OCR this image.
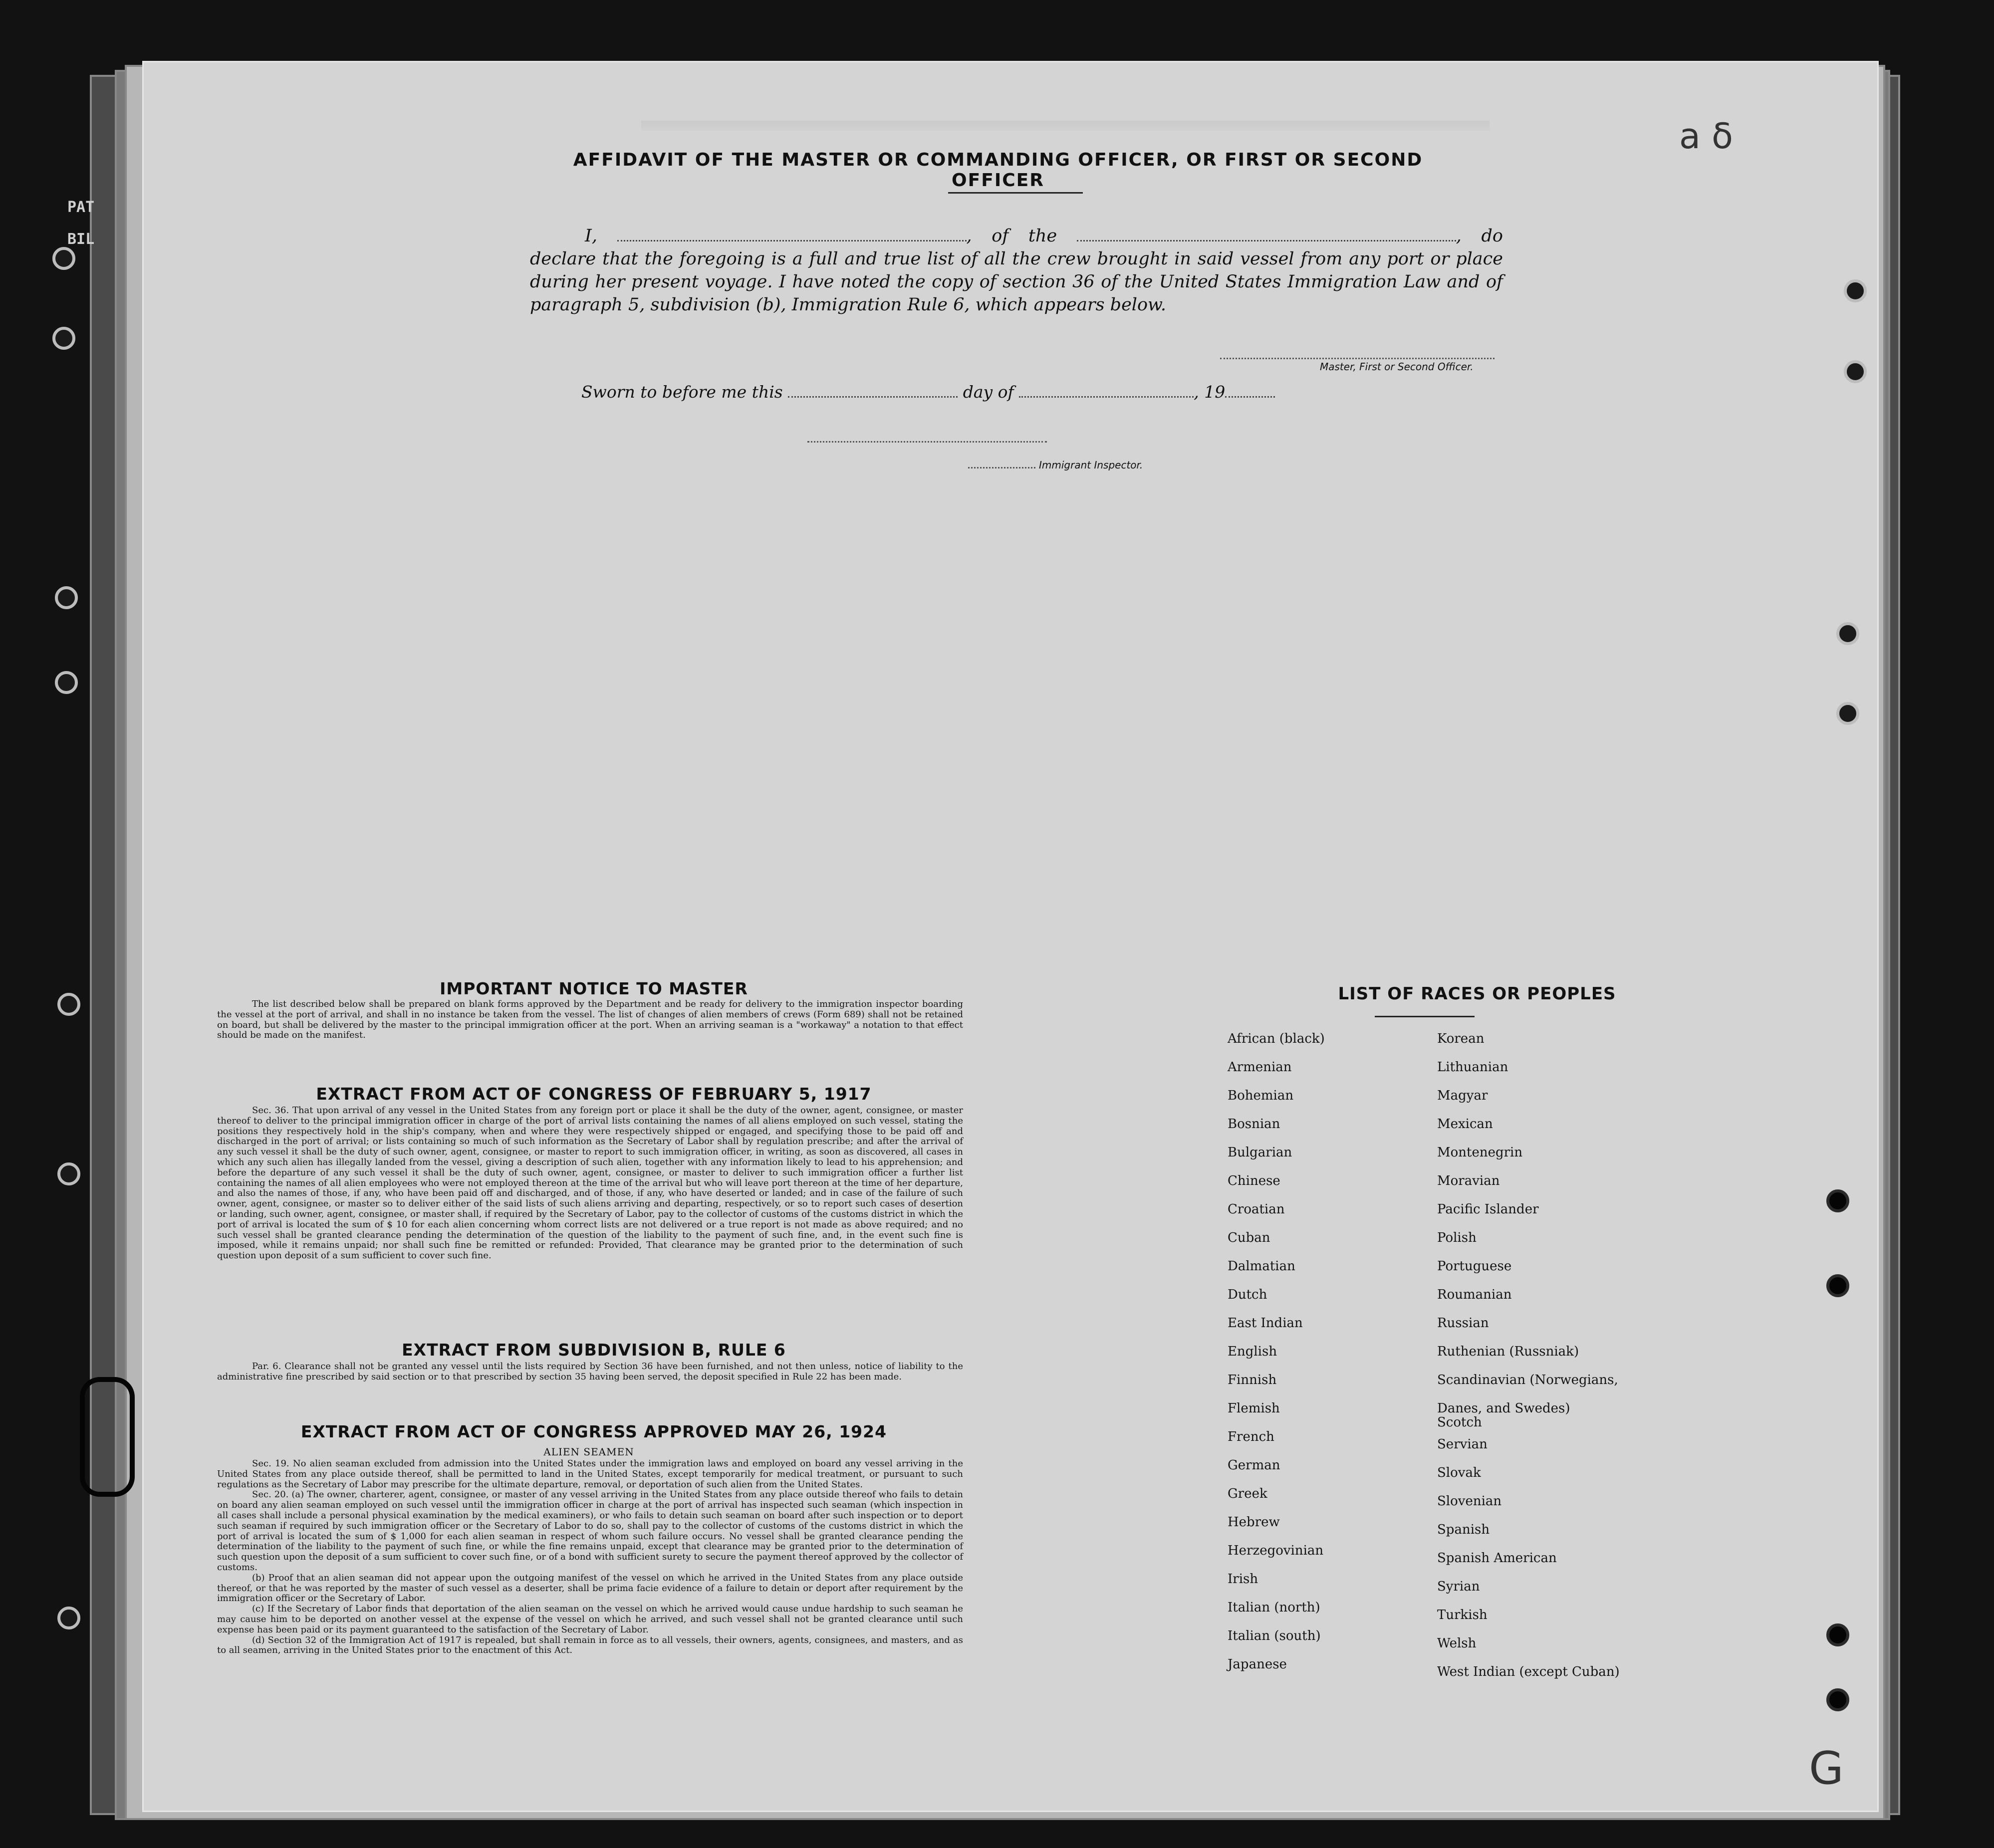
PAT
BIL
a δ
G
AFFIDAVIT OF THE MASTER OR COMMANDING OFFICER, OR FIRST OR SECOND OFFICER
I,	, of the	, do declare that the foregoing is a full and true list of all the crew brought in said vessel from any port or place during her present voyage. I have noted the copy of section 36 of the United States Immigration Law and of paragraph 5, subdivision (b), Immigration Rule 6, which appears below.
Master, First or Second Officer.
Sworn to before me this	day of	, 19
Immigrant Inspector.
IMPORTANT NOTICE TO MASTER

The list described below shall be prepared on blank forms approved by the Department and be ready for delivery to the immigration inspector boarding the vessel at the port of arrival, and shall in no instance be taken from the vessel. The list of changes of alien members of crews (Form 689) shall not be retained on board, but shall be delivered by the master to the principal immigration officer at the port. When an arriving seaman is a "workaway" a notation to that effect should be made on the manifest.

EXTRACT FROM ACT OF CONGRESS OF FEBRUARY 5, 1917

Sec. 36. That upon arrival of any vessel in the United States from any foreign port or place it shall be the duty of the owner, agent, consignee, or master thereof to deliver to the principal immigration officer in charge of the port of arrival lists containing the names of all aliens employed on such vessel, stating the positions they respectively hold in the ship's company, when and where they were respectively shipped or engaged, and specifying those to be paid off and discharged in the port of arrival; or lists containing so much of such information as the Secretary of Labor shall by regulation prescribe; and after the arrival of any such vessel it shall be the duty of such owner, agent, consignee, or master to report to such immigration officer, in writing, as soon as discovered, all cases in which any such alien has illegally landed from the vessel, giving a description of such alien, together with any information likely to lead to his apprehension; and before the departure of any such vessel it shall be the duty of such owner, agent, consignee, or master to deliver to such immigration officer a further list containing the names of all alien employees who were not employed thereon at the time of the arrival but who will leave port thereon at the time of her departure, and also the names of those, if any, who have been paid off and discharged, and of those, if any, who have deserted or landed; and in case of the failure of such owner, agent, consignee, or master so to deliver either of the said lists of such aliens arriving and departing, respectively, or so to report such cases of desertion or landing, such owner, agent, consignee, or master shall, if required by the Secretary of Labor, pay to the collector of customs of the customs district in which the port of arrival is located the sum of $ 10 for each alien concerning whom correct lists are not delivered or a true report is not made as above required; and no such vessel shall be granted clearance pending the determination of the question of the liability to the payment of such fine, and, in the event such fine is imposed, while it remains unpaid; nor shall such fine be remitted or refunded: Provided, That clearance may be granted prior to the determination of such question upon deposit of a sum sufficient to cover such fine.

EXTRACT FROM SUBDIVISION B, RULE 6

Par. 6. Clearance shall not be granted any vessel until the lists required by Section 36 have been furnished, and not then unless, notice of liability to the administrative fine prescribed by said section or to that prescribed by section 35 having been served, the deposit specified in Rule 22 has been made.

EXTRACT FROM ACT OF CONGRESS APPROVED MAY 26, 1924
ALIEN SEAMEN

Sec. 19. No alien seaman excluded from admission into the United States under the immigration laws and employed on board any vessel arriving in the United States from any place outside thereof, shall be permitted to land in the United States, except temporarily for medical treatment, or pursuant to such regulations as the Secretary of Labor may prescribe for the ultimate departure, removal, or deportation of such alien from the United States.

Sec. 20. (a) The owner, charterer, agent, consignee, or master of any vessel arriving in the United States from any place outside thereof who fails to detain on board any alien seaman employed on such vessel until the immigration officer in charge at the port of arrival has inspected such seaman (which inspection in all cases shall include a personal physical examination by the medical examiners), or who fails to detain such seaman on board after such inspection or to deport such seaman if required by such immigration officer or the Secretary of Labor to do so, shall pay to the collector of customs of the customs district in which the port of arrival is located the sum of $ 1,000 for each alien seaman in respect of whom such failure occurs. No vessel shall be granted clearance pending the determination of the liability to the payment of such fine, or while the fine remains unpaid, except that clearance may be granted prior to the determination of such question upon the deposit of a sum sufficient to cover such fine, or of a bond with sufficient surety to secure the payment thereof approved by the collector of customs.

(b) Proof that an alien seaman did not appear upon the outgoing manifest of the vessel on which he arrived in the United States from any place outside thereof, or that he was reported by the master of such vessel as a deserter, shall be prima facie evidence of a failure to detain or deport after requirement by the immigration officer or the Secretary of Labor.

(c) If the Secretary of Labor finds that deportation of the alien seaman on the vessel on which he arrived would cause undue hardship to such seaman he may cause him to be deported on another vessel at the expense of the vessel on which he arrived, and such vessel shall not be granted clearance until such expense has been paid or its payment guaranteed to the satisfaction of the Secretary of Labor.

(d) Section 32 of the Immigration Act of 1917 is repealed, but shall remain in force as to all vessels, their owners, agents, consignees, and masters, and as to all seamen, arriving in the United States prior to the enactment of this Act.

LIST OF RACES OR PEOPLES
African (black)
Armenian
Bohemian
Bosnian
Bulgarian
Chinese
Croatian
Cuban
Dalmatian
Dutch
East Indian
English
Finnish
Flemish
French
German
Greek
Hebrew
Herzegovinian
Irish
Italian (north)
Italian (south)
Japanese
Korean
Lithuanian
Magyar
Mexican
Montenegrin
Moravian
Pacific Islander
Polish
Portuguese
Roumanian
Russian
Ruthenian (Russniak)
Scandinavian (Norwegians,
Danes, and Swedes)
Scotch
Servian
Slovak
Slovenian
Spanish
Spanish American
Syrian
Turkish
Welsh
West Indian (except Cuban)
